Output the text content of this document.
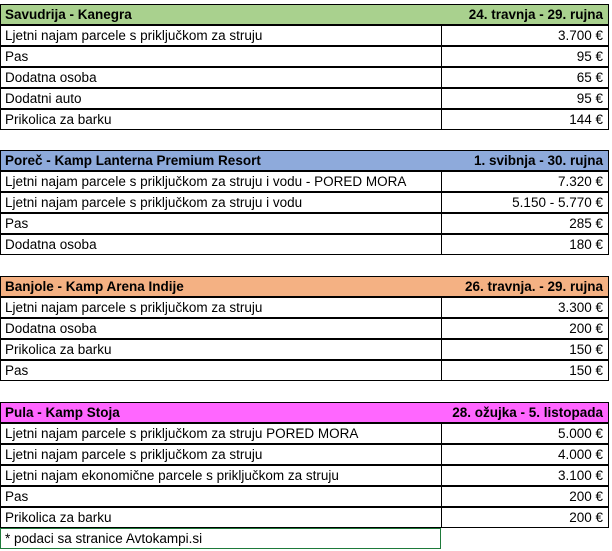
Savudrija - Kanegra	24. travnja - 29. rujna
Ljetni najam parcele s priključkom za struju	3.700 €
Pas	95 €
Dodatna osoba	65 €
Dodatni auto	95 €
Prikolica za barku	144 €
Poreč - Kamp Lanterna Premium Resort	1. svibnja - 30. rujna
Ljetni najam parcele s priključkom za struju i vodu - PORED MORA	7.320 €
Ljetni najam parcele s priključkom za struju i vodu	5.150 - 5.770 €
Pas	285 €
Dodatna osoba	180 €
Banjole - Kamp Arena Indije	26. travnja. - 29. rujna
Ljetni najam parcele s priključkom za struju	3.300 €
Dodatna osoba	200 €
Prikolica za barku	150 €
Pas	150 €
Pula - Kamp Stoja	28. ožujka - 5. listopada
Ljetni najam parcele s priključkom za struju PORED MORA	5.000 €
Ljetni najam parcele s priključkom za struju	4.000 €
Ljetni najam ekonomične parcele s priključkom za struju	3.100 €
Pas	200 €
Prikolica za barku	200 €
* podaci sa stranice Avtokampi.si
